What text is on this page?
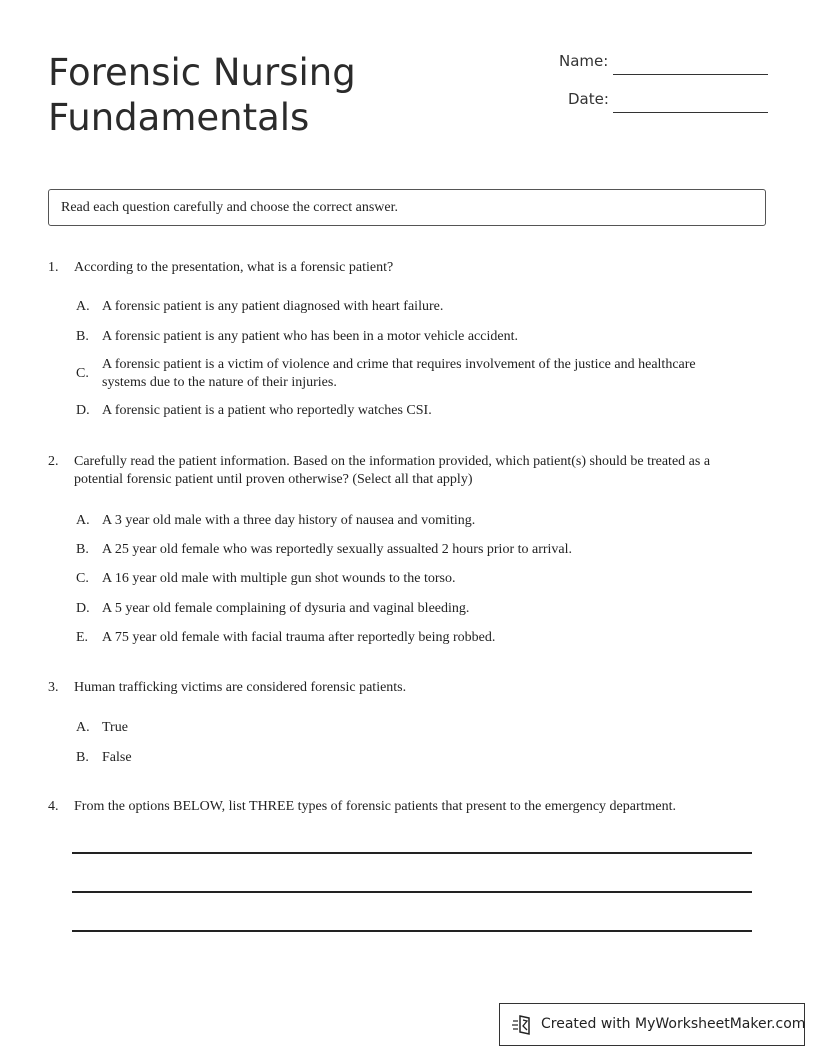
Forensic Nursing
Fundamentals
Name:
Date:
Read each question carefully and choose the correct answer.
1.	According to the presentation, what is a forensic patient?
A. A forensic patient is any patient diagnosed with heart failure.
B. A forensic patient is any patient who has been in a motor vehicle accident.
C.
A forensic patient is a victim of violence and crime that requires involvement of the justice and healthcare systems due to the nature of their injuries.
D. A forensic patient is a patient who reportedly watches CSI.
2.	Carefully read the patient information. Based on the information provided, which patient(s) should be treated as a potential forensic patient until proven otherwise? (Select all that apply)
A. A 3 year old male with a three day history of nausea and vomiting.
B. A 25 year old female who was reportedly sexually assualted 2 hours prior to arrival.
C. A 16 year old male with multiple gun shot wounds to the torso.
D. A 5 year old female complaining of dysuria and vaginal bleeding.
E. A 75 year old female with facial trauma after reportedly being robbed.
3.	Human trafficking victims are considered forensic patients.
A. True
B. False
4.	From the options BELOW, list THREE types of forensic patients that present to the emergency department.
Created with MyWorksheetMaker.com
